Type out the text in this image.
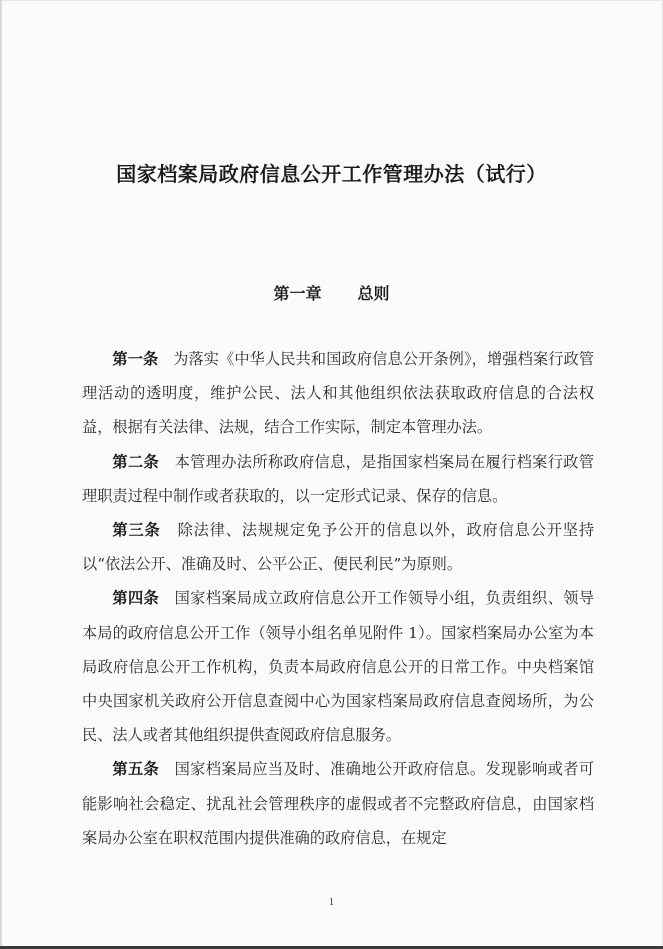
国家档案局政府信息公开工作管理办法（试行）
第一章 总则

第一条 为落实《中华人民共和国政府信息公开条例》，增强档案行政管理活动的透明度，维护公民、法人和其他组织依法获取政府信息的合法权益，根据有关法律、法规，结合工作实际，制定本管理办法。

第二条 本管理办法所称政府信息，是指国家档案局在履行档案行政管理职责过程中制作或者获取的，以一定形式记录、保存的信息。

第三条 除法律、法规规定免予公开的信息以外，政府信息公开坚持以“依法公开、准确及时、公平公正、便民利民”为原则。

第四条 国家档案局成立政府信息公开工作领导小组，负责组织、领导本局的政府信息公开工作（领导小组名单见附件 1）。国家档案局办公室为本局政府信息公开工作机构，负责本局政府信息公开的日常工作。中央档案馆中央国家机关政府公开信息查阅中心为国家档案局政府信息查阅场所，为公民、法人或者其他组织提供查阅政府信息服务。

第五条 国家档案局应当及时、准确地公开政府信息。发现影响或者可能影响社会稳定、扰乱社会管理秩序的虚假或者不完整政府信息，由国家档案局办公室在职权范围内提供准确的政府信息，在规定

1
